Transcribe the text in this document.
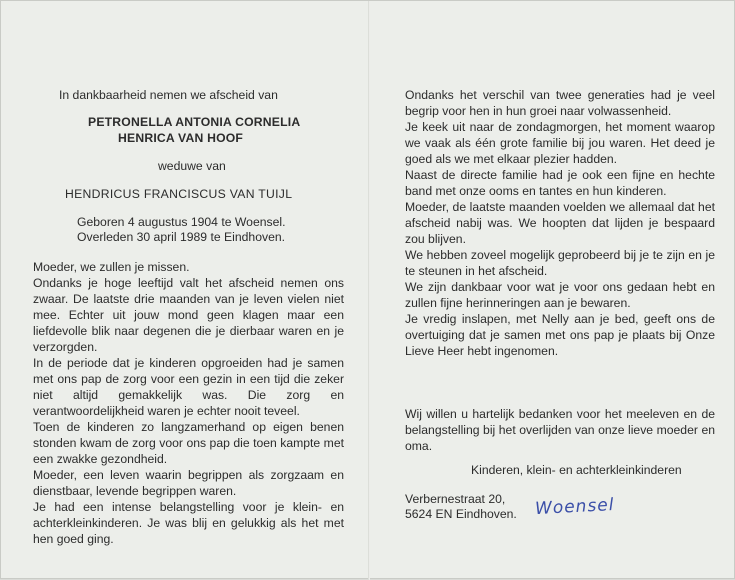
In dankbaarheid nemen we afscheid van
PETRONELLA ANTONIA CORNELIA
HENRICA VAN HOOF
weduwe van
HENDRICUS FRANCISCUS VAN TUIJL
Geboren 4 augustus 1904 te Woensel.
Overleden 30 april 1989 te Eindhoven.

Moeder, we zullen je missen.

Ondanks je hoge leeftijd valt het afscheid nemen ons zwaar. De laatste drie maanden van je leven vielen niet mee. Echter uit jouw mond geen klagen maar een liefdevolle blik naar degenen die je dierbaar waren en je verzorgden.

In de periode dat je kinderen opgroeiden had je samen met ons pap de zorg voor een gezin in een tijd die zeker niet altijd gemakkelijk was. Die zorg en verantwoordelijkheid waren je echter nooit teveel.

Toen de kinderen zo langzamerhand op eigen benen stonden kwam de zorg voor ons pap die toen kampte met een zwakke gezondheid.

Moeder, een leven waarin begrippen als zorgzaam en dienstbaar, levende begrippen waren.

Je had een intense belangstelling voor je klein- en achterkleinkinderen. Je was blij en gelukkig als het met hen goed ging.

Ondanks het verschil van twee generaties had je veel begrip voor hen in hun groei naar volwassenheid.

Je keek uit naar de zondagmorgen, het moment waarop we vaak als één grote familie bij jou waren. Het deed je goed als we met elkaar plezier hadden.

Naast de directe familie had je ook een fijne en hechte band met onze ooms en tantes en hun kinderen.

Moeder, de laatste maanden voelden we allemaal dat het afscheid nabij was. We hoopten dat lijden je bespaard zou blijven.

We hebben zoveel mogelijk geprobeerd bij je te zijn en je te steunen in het afscheid.

We zijn dankbaar voor wat je voor ons gedaan hebt en zullen fijne herinneringen aan je bewaren.

Je vredig inslapen, met Nelly aan je bed, geeft ons de overtuiging dat je samen met ons pap je plaats bij Onze Lieve Heer hebt ingenomen.

Wij willen u hartelijk bedanken voor het meeleven en de belangstelling bij het overlijden van onze lieve moeder en oma.
Kinderen, klein- en achterkleinkinderen
Verbernestraat 20,
5624 EN Eindhoven. Woensel
